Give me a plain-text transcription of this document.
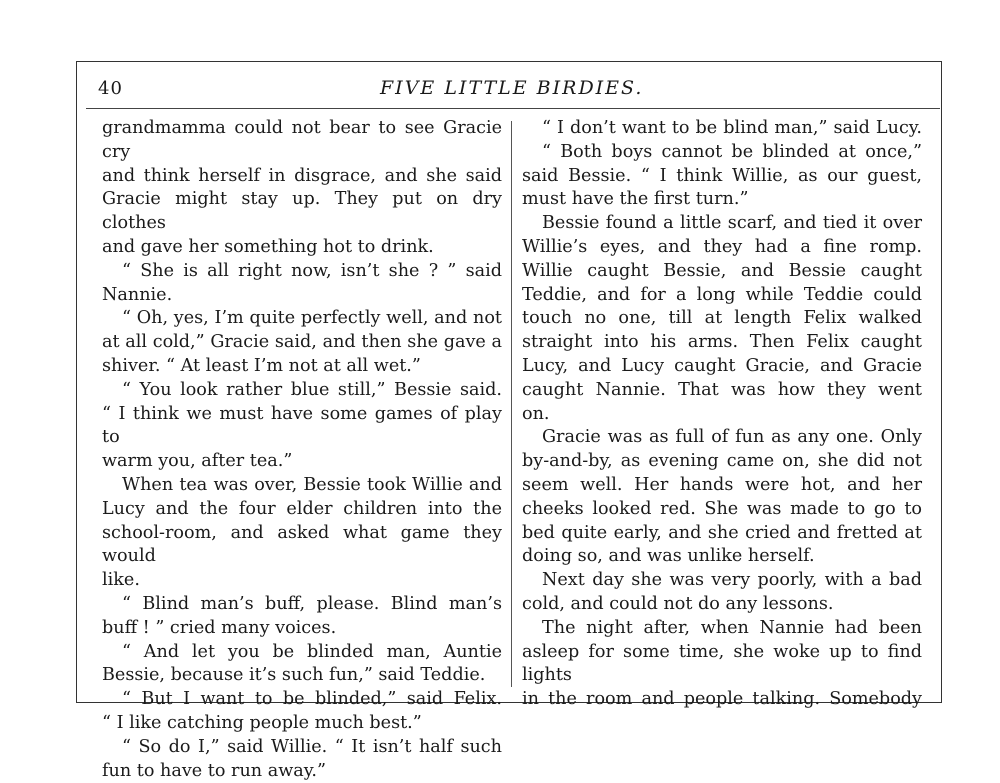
40	FIVE LITTLE BIRDIES.

grandmamma could not bear to see Gracie cry

and think herself in disgrace, and she said

Gracie might stay up. They put on dry clothes

and gave her something hot to drink.

“ She is all right now, isn’t she ? ” said

Nannie.

“ Oh, yes, I’m quite perfectly well, and not

at all cold,” Gracie said, and then she gave a

shiver. “ At least I’m not at all wet.”

“ You look rather blue still,” Bessie said.

“ I think we must have some games of play to

warm you, after tea.”

When tea was over, Bessie took Willie and

Lucy and the four elder children into the

school-room, and asked what game they would

like.

“ Blind man’s buff, please. Blind man’s

buff ! ” cried many voices.

“ And let you be blinded man, Auntie

Bessie, because it’s such fun,” said Teddie.

“ But I want to be blinded,” said Felix.

“ I like catching people much best.”

“ So do I,” said Willie. “ It isn’t half such

fun to have to run away.”

“ I don’t want to be blind man,” said Lucy.

“ Both boys cannot be blinded at once,”

said Bessie. “ I think Willie, as our guest,

must have the first turn.”

Bessie found a little scarf, and tied it over

Willie’s eyes, and they had a fine romp.

Willie caught Bessie, and Bessie caught

Teddie, and for a long while Teddie could

touch no one, till at length Felix walked

straight into his arms. Then Felix caught

Lucy, and Lucy caught Gracie, and Gracie

caught Nannie. That was how they went

on.

Gracie was as full of fun as any one. Only

by-and-by, as evening came on, she did not

seem well. Her hands were hot, and her

cheeks looked red. She was made to go to

bed quite early, and she cried and fretted at

doing so, and was unlike herself.

Next day she was very poorly, with a bad

cold, and could not do any lessons.

The night after, when Nannie had been

asleep for some time, she woke up to find lights

in the room and people talking. Somebody
